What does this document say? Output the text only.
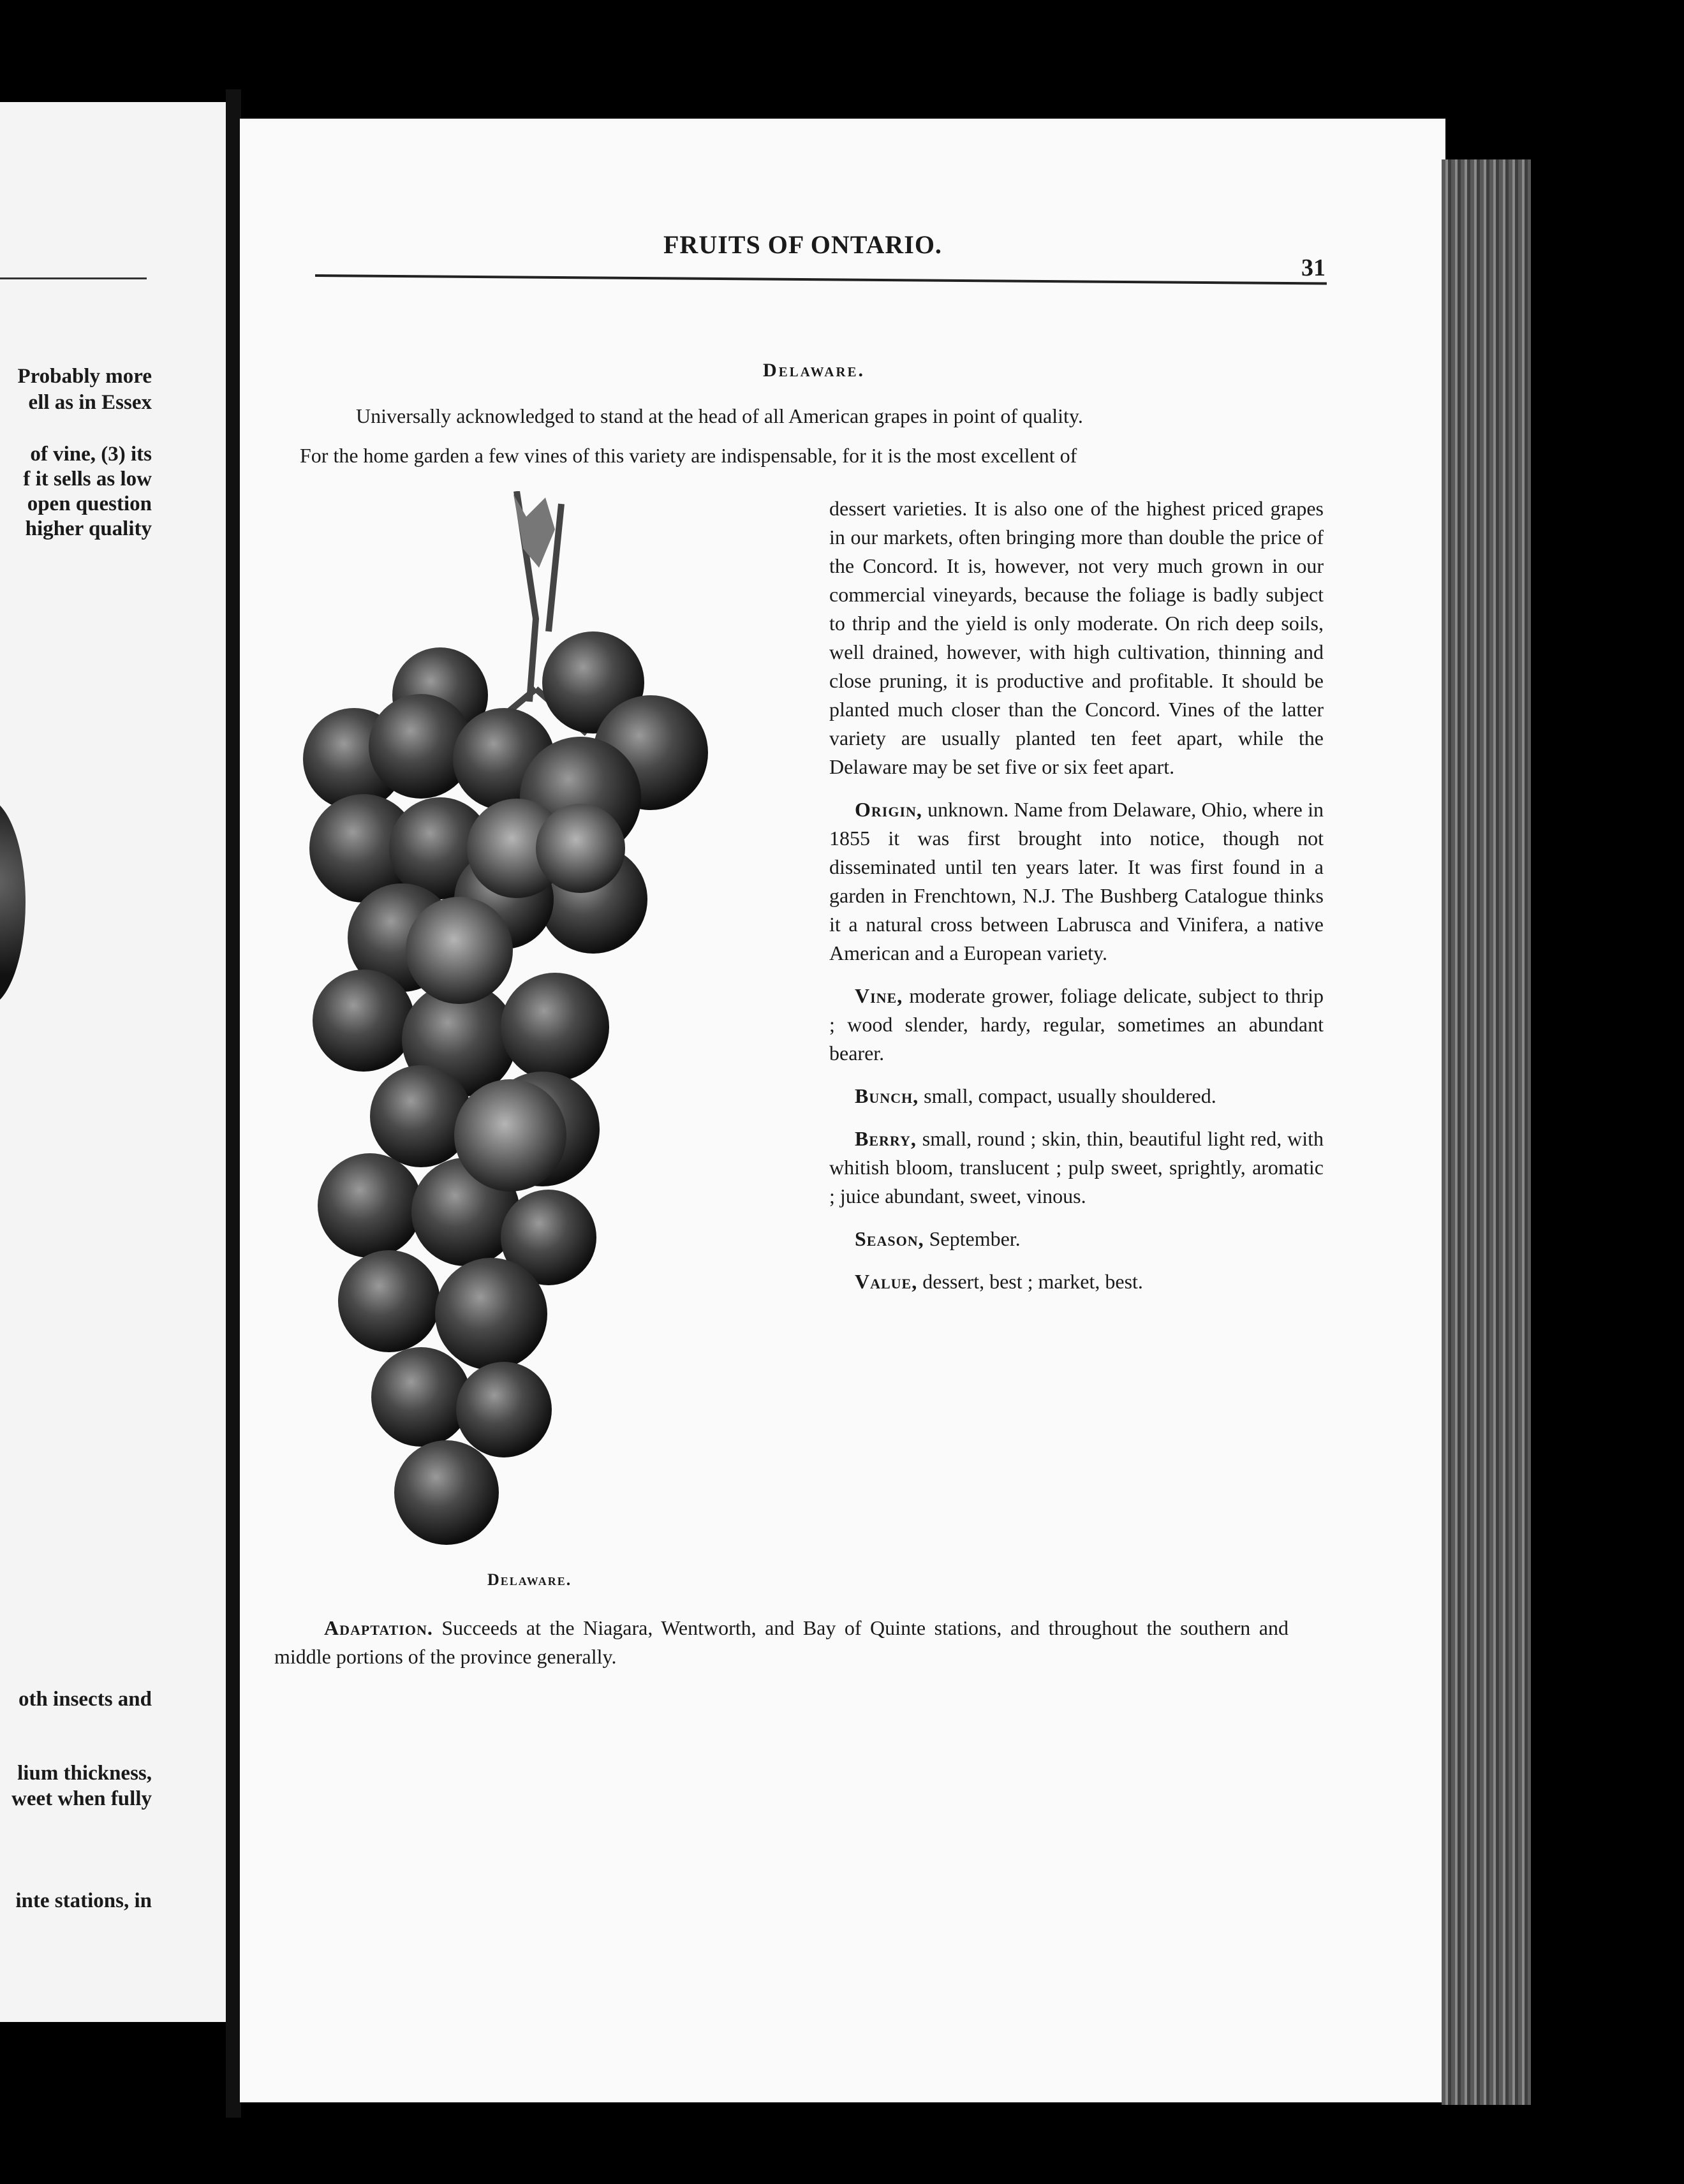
Probably more
ell as in Essex
of vine, (3) its
f it sells as low
open question
higher quality
oth insects and
lium thickness,
weet when fully
inte stations, in
FRUITS OF ONTARIO.
31
Delaware.
Universally acknowledged to stand at the head of all American grapes in point of quality.
For the home garden a few vines of this variety are indispensable, for it is the most excellent of

dessert varieties. It is also one of the highest priced grapes in our markets, often bringing more than double the price of the Concord. It is, however, not very much grown in our commercial vineyards, because the foliage is badly subject to thrip and the yield is only moderate. On rich deep soils, well drained, however, with high cultivation, thinning and close pruning, it is productive and profitable. It should be planted much closer than the Concord. Vines of the latter variety are usually planted ten feet apart, while the Delaware may be set five or six feet apart.

Origin, unknown. Name from Delaware, Ohio, where in 1855 it was first brought into notice, though not disseminated until ten years later. It was first found in a garden in Frenchtown, N.J. The Bushberg Catalogue thinks it a natural cross between Labrusca and Vinifera, a native American and a European variety.

Vine, moderate grower, foliage delicate, subject to thrip ; wood slender, hardy, regular, sometimes an abundant bearer.

Bunch, small, compact, usually shouldered.

Berry, small, round ; skin, thin, beautiful light red, with whitish bloom, translucent ; pulp sweet, sprightly, aromatic ; juice abundant, sweet, vinous.

Season, September.

Value, dessert, best ; market, best.

Delaware.
Adaptation. Succeeds at the Niagara, Wentworth, and Bay of Quinte stations, and throughout the southern and middle portions of the province generally.
